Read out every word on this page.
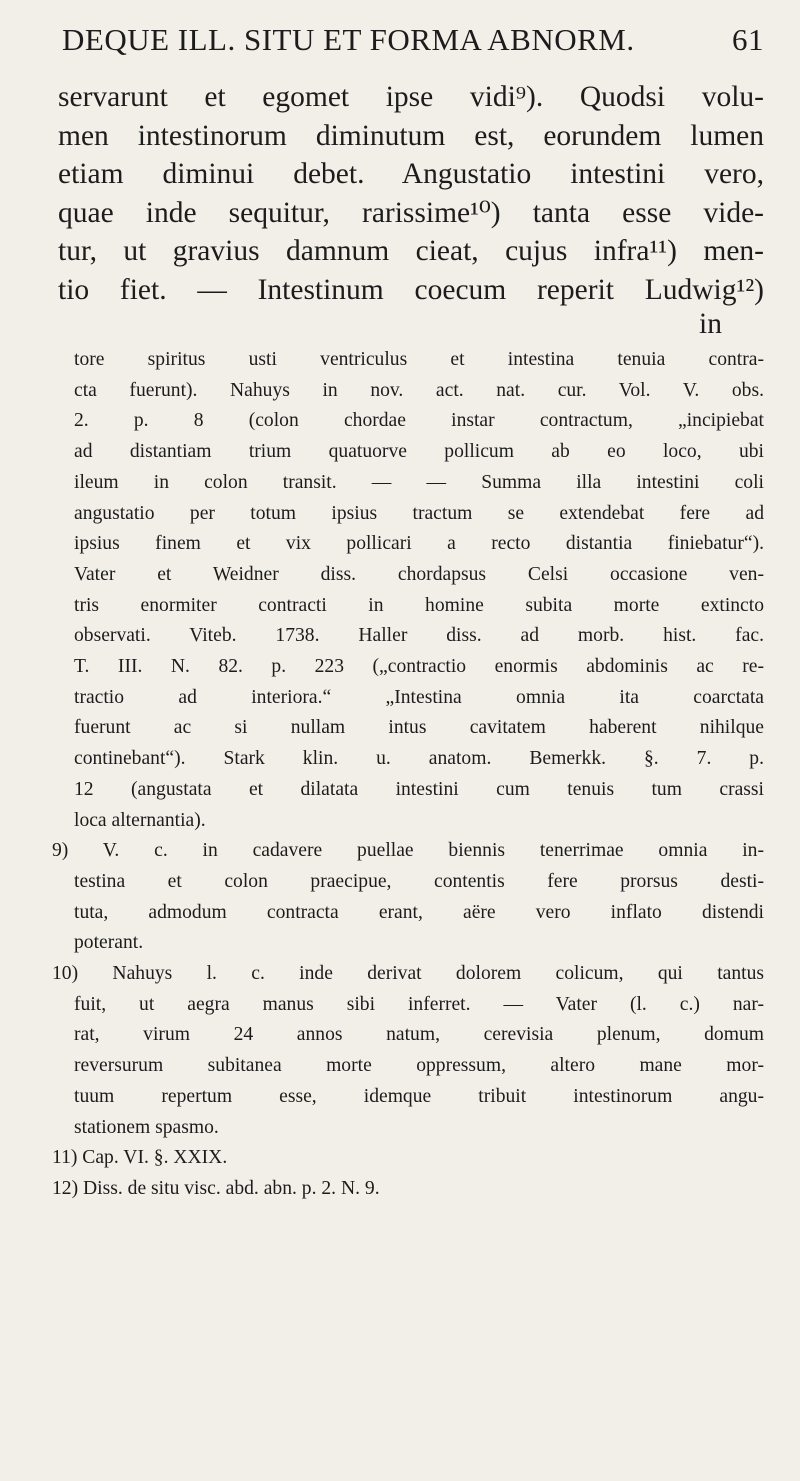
DEQUE ILL. SITU ET FORMA ABNORM.	61
servarunt et egomet ipse vidi⁹). Quodsi volu-
men intestinorum diminutum est, eorundem lumen
etiam diminui debet. Angustatio intestini vero,
quae inde sequitur, rarissime¹⁰) tanta esse vide-
tur, ut gravius damnum cieat, cujus infra¹¹) men-
tio fiet. — Intestinum coecum reperit Ludwig¹²)
in
tore spiritus usti ventriculus et intestina tenuia contra-
cta fuerunt). Nahuys in nov. act. nat. cur. Vol. V. obs.
2. p. 8 (colon chordae instar contractum, „incipiebat
ad distantiam trium quatuorve pollicum ab eo loco, ubi
ileum in colon transit. — — Summa illa intestini coli
angustatio per totum ipsius tractum se extendebat fere ad
ipsius finem et vix pollicari a recto distantia finiebatur“).
Vater et Weidner diss. chordapsus Celsi occasione ven-
tris enormiter contracti in homine subita morte extincto
observati. Viteb. 1738. Haller diss. ad morb. hist. fac.
T. III. N. 82. p. 223 („contractio enormis abdominis ac re-
tractio ad interiora.“ „Intestina omnia ita coarctata
fuerunt ac si nullam intus cavitatem haberent nihilque
continebant“). Stark klin. u. anatom. Bemerkk. §. 7. p.
12 (angustata et dilatata intestini cum tenuis tum crassi
loca alternantia).
9) V. c. in cadavere puellae biennis tenerrimae omnia in-
testina et colon praecipue, contentis fere prorsus desti-
tuta, admodum contracta erant, aëre vero inflato distendi
poterant.
10) Nahuys l. c. inde derivat dolorem colicum, qui tantus
fuit, ut aegra manus sibi inferret. — Vater (l. c.) nar-
rat, virum 24 annos natum, cerevisia plenum, domum
reversurum subitanea morte oppressum, altero mane mor-
tuum repertum esse, idemque tribuit intestinorum angu-
stationem spasmo.
11) Cap. VI. §. XXIX.
12) Diss. de situ visc. abd. abn. p. 2. N. 9.
